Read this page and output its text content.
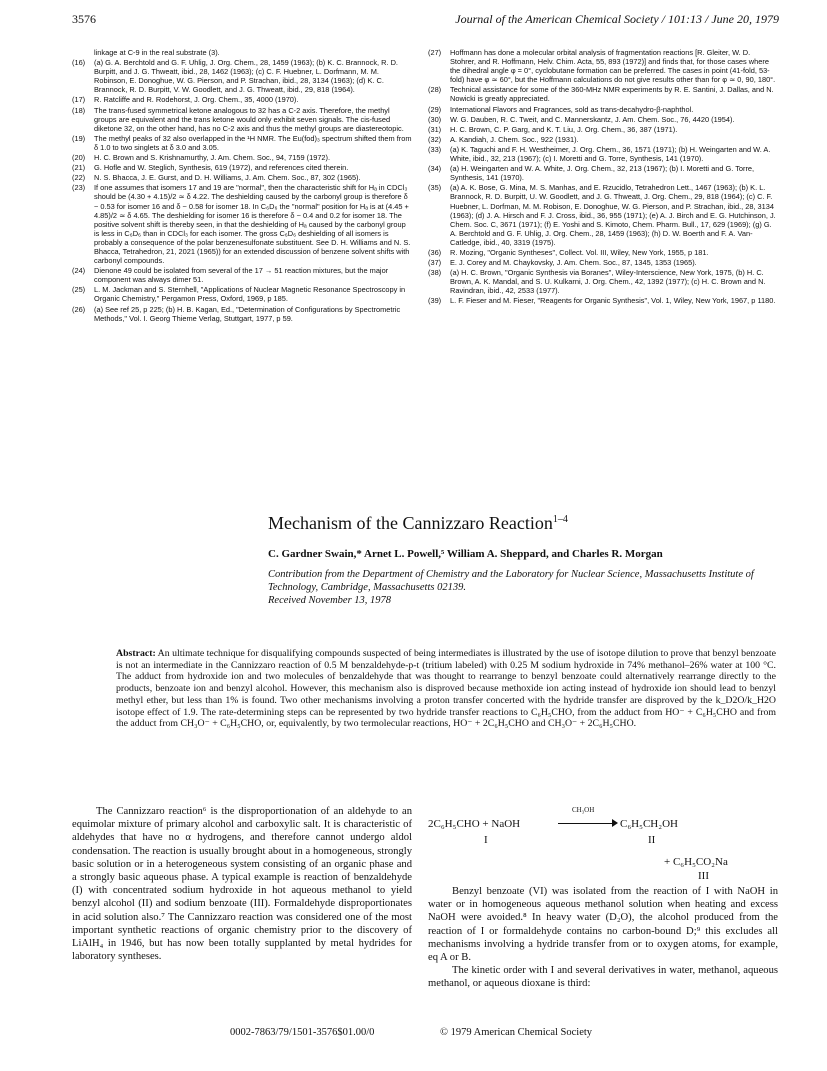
3576	Journal of the American Chemical Society / 101:13 / June 20, 1979
linkage at C-9 in the real substrate (3).
(16)	(a) G. A. Berchtold and G. F. Uhlig, J. Org. Chem., 28, 1459 (1963); (b) K. C. Brannock, R. D. Burpitt, and J. G. Thweatt, ibid., 28, 1462 (1963); (c) C. F. Huebner, L. Dorfmann, M. M. Robinson, E. Donoghue, W. G. Pierson, and P. Strachan, ibid., 28, 3134 (1963); (d) K. C. Brannock, R. D. Burpitt, V. W. Goodlett, and J. G. Thweatt, ibid., 29, 818 (1964).
(17)	R. Ratcliffe and R. Rodehorst, J. Org. Chem., 35, 4000 (1970).
(18)	The trans-fused symmetrical ketone analogous to 32 has a C-2 axis. Therefore, the methyl groups are equivalent and the trans ketone would only exhibit seven signals. The cis-fused diketone 32, on the other hand, has no C-2 axis and thus the methyl groups are diastereotopic.
(19)	The methyl peaks of 32 also overlapped in the ¹H NMR. The Eu(fod)₃ spectrum shifted them from δ 1.0 to two singlets at δ 3.0 and 3.05.
(20)	H. C. Brown and S. Krishnamurthy, J. Am. Chem. Soc., 94, 7159 (1972).
(21)	G. Hofle and W. Steglich, Synthesis, 619 (1972), and references cited therein.
(22)	N. S. Bhacca, J. E. Gurst, and D. H. Williams, J. Am. Chem. Soc., 87, 302 (1965).
(23)	If one assumes that isomers 17 and 19 are "normal", then the characteristic shift for Hₐ in CDCl₃ should be (4.30 + 4.15)/2 ≃ δ 4.22. The deshielding caused by the carbonyl group is therefore δ ~ 0.53 for isomer 16 and δ ~ 0.58 for isomer 18. In C₆D₆ the "normal" position for Hₐ is at (4.45 + 4.85)/2 ≃ δ 4.65. The deshielding for isomer 16 is therefore δ ~ 0.4 and 0.2 for isomer 18. The positive solvent shift is thereby seen, in that the deshielding of Hₐ caused by the carbonyl group is less in C₆D₆ than in CDCl₃ for each isomer. The gross C₆D₆ deshielding of all isomers is probably a consequence of the polar benzenesulfonate substituent. See D. H. Williams and N. S. Bhacca, Tetrahedron, 21, 2021 (1965)) for an extended discussion of benzene solvent shifts with carbonyl compounds.
(24)	Dienone 49 could be isolated from several of the 17 → 51 reaction mixtures, but the major component was always dimer 51.
(25)	L. M. Jackman and S. Sternhell, "Applications of Nuclear Magnetic Resonance Spectroscopy in Organic Chemistry," Pergamon Press, Oxford, 1969, p 185.
(26)	(a) See ref 25, p 225; (b) H. B. Kagan, Ed., "Determination of Configurations by Spectrometric Methods," Vol. I. Georg Thieme Verlag, Stuttgart, 1977, p 59.
(27)	Hoffmann has done a molecular orbital analysis of fragmentation reactions [R. Gleiter, W. D. Stohrer, and R. Hoffmann, Helv. Chim. Acta, 55, 893 (1972)] and finds that, for those cases where the dihedral angle φ = 0°, cyclobutane formation can be preferred. The cases in point (41-fold, 53-fold) have φ ≃ 60°, but the Hoffmann calculations do not give results other than for φ ≃ 0, 90, 180°.
(28)	Technical assistance for some of the 360-MHz NMR experiments by R. E. Santini, J. Dallas, and N. Nowicki is greatly appreciated.
(29)	International Flavors and Fragrances, sold as trans-decahydro-β-naphthol.
(30)	W. G. Dauben, R. C. Tweit, and C. Mannerskantz, J. Am. Chem. Soc., 76, 4420 (1954).
(31)	H. C. Brown, C. P. Garg, and K. T. Liu, J. Org. Chem., 36, 387 (1971).
(32)	A. Kandiah, J. Chem. Soc., 922 (1931).
(33)	(a) K. Taguchi and F. H. Westheimer, J. Org. Chem., 36, 1571 (1971); (b) H. Weingarten and W. A. White, ibid., 32, 213 (1967); (c) I. Moretti and G. Torre, Synthesis, 141 (1970).
(34)	(a) H. Weingarten and W. A. White, J. Org. Chem., 32, 213 (1967); (b) I. Moretti and G. Torre, Synthesis, 141 (1970).
(35)	(a) A. K. Bose, G. Mina, M. S. Manhas, and E. Rzucidlo, Tetrahedron Lett., 1467 (1963); (b) K. L. Brannock, R. D. Burpitt, U. W. Goodlett, and J. G. Thweatt, J. Org. Chem., 29, 818 (1964); (c) C. F. Huebner, L. Dorfman, M. M. Robison, E. Donoghue, W. G. Pierson, and P. Strachan, ibid., 28, 3134 (1963); (d) J. A. Hirsch and F. J. Cross, ibid., 36, 955 (1971); (e) A. J. Birch and E. G. Hutchinson, J. Chem. Soc. C, 3671 (1971); (f) E. Yoshi and S. Kimoto, Chem. Pharm. Bull., 17, 629 (1969); (g) G. A. Berchtold and G. F. Uhlig, J. Org. Chem., 28, 1459 (1963); (h) D. W. Boerth and F. A. Van-Catledge, ibid., 40, 3319 (1975).
(36)	R. Mozing, "Organic Syntheses", Collect. Vol. III, Wiley, New York, 1955, p 181.
(37)	E. J. Corey and M. Chaykovsky, J. Am. Chem. Soc., 87, 1345, 1353 (1965).
(38)	(a) H. C. Brown, "Organic Synthesis via Boranes", Wiley-Interscience, New York, 1975, (b) H. C. Brown, A. K. Mandal, and S. U. Kulkarni, J. Org. Chem., 42, 1392 (1977); (c) H. C. Brown and N. Ravindran, ibid., 42, 2533 (1977).
(39)	L. F. Fieser and M. Fieser, "Reagents for Organic Synthesis", Vol. 1, Wiley, New York, 1967, p 1180.
Mechanism of the Cannizzaro Reaction$^{1-4}$
C. Gardner Swain,* Arnet L. Powell,⁵ William A. Sheppard, and Charles R. Morgan
Contribution from the Department of Chemistry and the Laboratory for Nuclear Science, Massachusetts Institute of Technology, Cambridge, Massachusetts 02139.
Received November 13, 1978
Abstract: An ultimate technique for disqualifying compounds suspected of being intermediates is illustrated by the use of isotope dilution to prove that benzyl benzoate is not an intermediate in the Cannizzaro reaction of 0.5 M benzaldehyde-p-t (tritium labeled) with 0.25 M sodium hydroxide in 74% methanol–26% water at 100 °C. The adduct from hydroxide ion and two molecules of benzaldehyde that was thought to rearrange to benzyl benzoate could alternatively rearrange directly to the products, benzoate ion and benzyl alcohol. However, this mechanism also is disproved because methoxide ion acting instead of hydroxide ion should lead to benzyl methyl ether, but less than 1% is found. Two other mechanisms involving a proton transfer concerted with the hydride transfer are disproved by the k_D2O/k_H2O isotope effect of 1.9. The rate-determining steps can be represented by two hydride transfer reactions to C₆H₅CHO, from the adduct from HO⁻ + C₆H₅CHO and from the adduct from CH₃O⁻ + C₆H₅CHO, or, equivalently, by two termolecular reactions, HO⁻ + 2C₆H₅CHO and CH₃O⁻ + 2C₆H₅CHO.

The Cannizzaro reaction⁶ is the disproportionation of an aldehyde to an equimolar mixture of primary alcohol and carboxylic salt. It is characteristic of aldehydes that have no α hydrogens, and therefore cannot undergo aldol condensation. The reaction is usually brought about in a homogeneous, strongly basic solution or in a heterogeneous system consisting of an organic phase and a strongly basic aqueous phase. A typical example is reaction of benzaldehyde (I) with concentrated sodium hydroxide in hot aqueous methanol to yield benzyl alcohol (II) and sodium benzoate (III). Formaldehyde disproportionates in acid solution also.⁷ The Cannizzaro reaction was considered one of the most important synthetic reactions of organic chemistry prior to the discovery of LiAlH₄ in 1946, but has now been totally supplanted by metal hydrides for laboratory syntheses.

2C₆H₅CHO + NaOH
CH₃OH
C₆H₅CH₂OH
I	II
+ C₆H₅CO₂Na
III

Benzyl benzoate (VI) was isolated from the reaction of I with NaOH in water or in homogeneous aqueous methanol solution when heating and excess NaOH were avoided.⁸ In heavy water (D₂O), the alcohol produced from the reaction of I or formaldehyde contains no carbon-bound D;⁹ this excludes all mechanisms involving a hydride transfer from or to oxygen atoms, for example, eq A or B.

The kinetic order with I and several derivatives in water, methanol, aqueous methanol, or aqueous dioxane is third:

0002-7863/79/1501-3576$01.00/0	© 1979 American Chemical Society
